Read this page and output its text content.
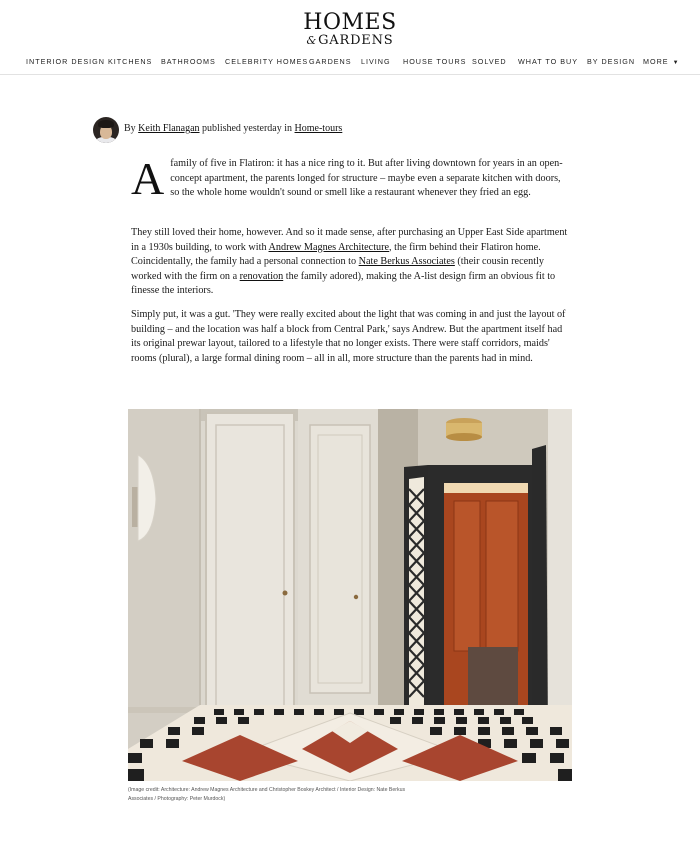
HOMES
&GARDENS
INTERIOR DESIGN KITCHENS BATHROOMS CELEBRITY HOMES GARDENS LIVING HOUSE TOURS SOLVED WHAT TO BUY BY DESIGN MORE ▼
By Keith Flanagan published yesterday in Home-tours
A family of five in Flatiron: it has a nice ring to it. But after living downtown for years in an open-concept apartment, the parents longed for structure – maybe even a separate kitchen with doors, so the whole home wouldn't sound or smell like a restaurant whenever they fried an egg.
They still loved their home, however. And so it made sense, after purchasing an Upper East Side apartment in a 1930s building, to work with Andrew Magnes Architecture, the firm behind their Flatiron home. Coincidentally, the family had a personal connection to Nate Berkus Associates (their cousin recently worked with the firm on a renovation the family adored), making the A-list design firm an obvious fit to finesse the interiors.
Simply put, it was a gut. 'They were really excited about the light that was coming in and just the layout of building – and the location was half a block from Central Park,' says Andrew. But the apartment itself had its original prewar layout, tailored to a lifestyle that no longer exists. There were staff corridors, maids' rooms (plural), a large formal dining room – all in all, more structure than the parents had in mind.
(Image credit: Architecture: Andrew Magnes Architecture and Christopher Boskey Architect / Interior Design: Nate Berkus Associates / Photography: Peter Murdock)
